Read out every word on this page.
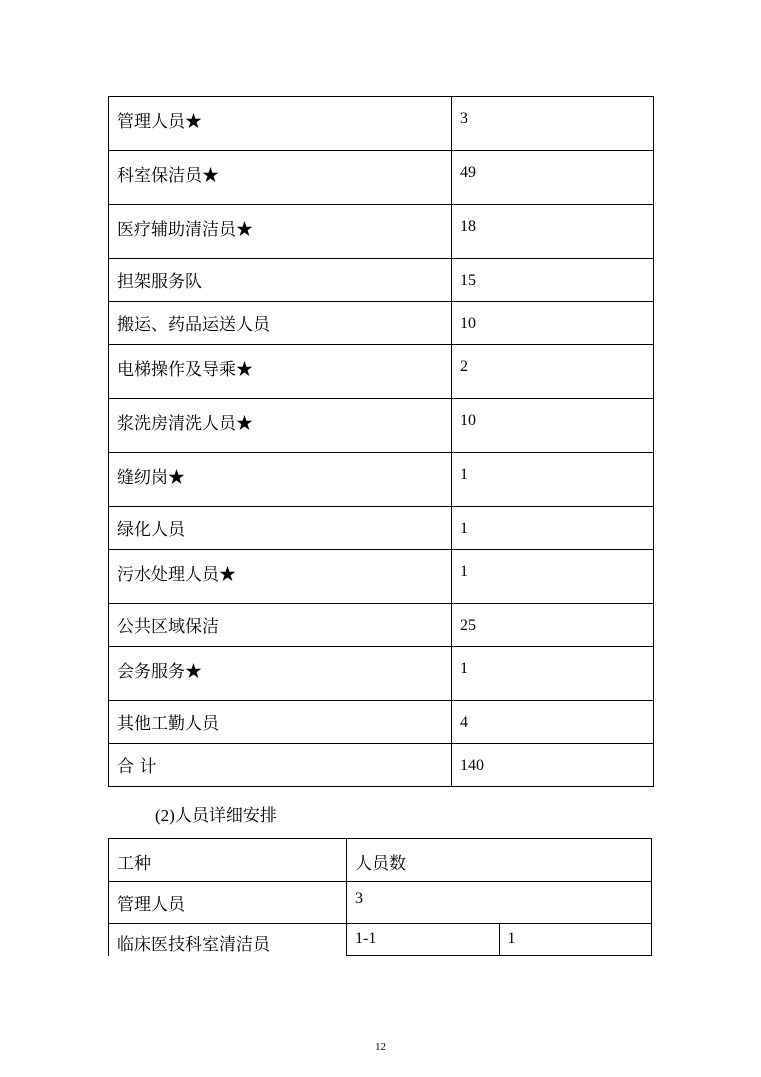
管理人员★	3
科室保洁员★	49
医疗辅助清洁员★	18
担架服务队	15
搬运、药品运送人员	10
电梯操作及导乘★	2
浆洗房清洗人员★	10
缝纫岗★	1
绿化人员	1
污水处理人员★	1
公共区域保洁	25
会务服务★	1
其他工勤人员	4
合 计	140
(2)人员详细安排
工种	人员数	
管理人员	3	
临床医技科室清洁员	1-1	1
12
